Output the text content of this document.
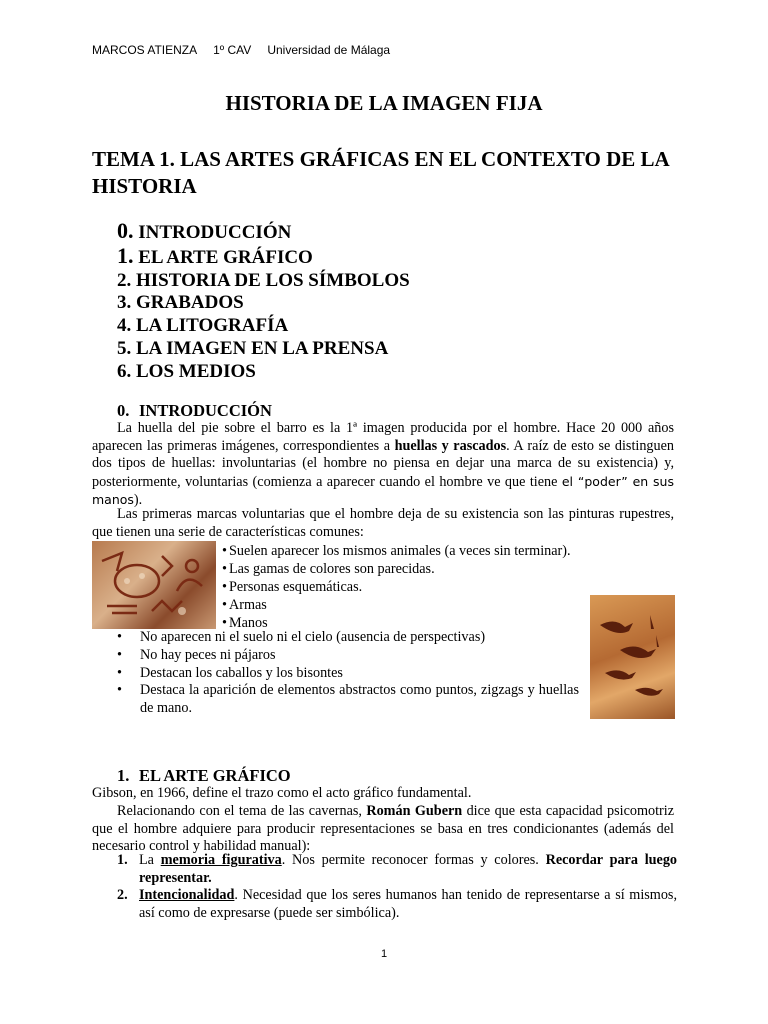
MARCOS ATIENZA 1º CAV Universidad de Málaga
HISTORIA DE LA IMAGEN FIJA
TEMA 1. LAS ARTES GRÁFICAS EN EL CONTEXTO DE LA HISTORIA
0. INTRODUCCIÓN
1. EL ARTE GRÁFICO
2. HISTORIA DE LOS SÍMBOLOS
3. GRABADOS
4. LA LITOGRAFÍA
5. LA IMAGEN EN LA PRENSA
6. LOS MEDIOS
0. INTRODUCCIÓN
La huella del pie sobre el barro es la 1ª imagen producida por el hombre. Hace 20 000 años aparecen las primeras imágenes, correspondientes a huellas y rascados. A raíz de esto se distinguen dos tipos de huellas: involuntarias (el hombre no piensa en dejar una marca de su existencia) y, posteriormente, voluntarias (comienza a aparecer cuando el hombre ve que tiene el “poder” en sus manos).
Las primeras marcas voluntarias que el hombre deja de su existencia son las pinturas rupestres, que tienen una serie de características comunes:
• Suelen aparecer los mismos animales (a veces sin terminar).
• Las gamas de colores son parecidas.
• Personas esquemáticas.
• Armas
• Manos
• No aparecen ni el suelo ni el cielo (ausencia de perspectivas)
• No hay peces ni pájaros
• Destacan los caballos y los bisontes
• Destaca la aparición de elementos abstractos como puntos, zigzags y huellas de mano.
1. EL ARTE GRÁFICO
Gibson, en 1966, define el trazo como el acto gráfico fundamental.
Relacionando con el tema de las cavernas, Román Gubern dice que esta capacidad psicomotriz que el hombre adquiere para producir representaciones se basa en tres condicionantes (además del necesario control y habilidad manual):
1. La memoria figurativa. Nos permite reconocer formas y colores. Recordar para luego representar.
2. Intencionalidad. Necesidad que los seres humanos han tenido de representarse a sí mismos, así como de expresarse (puede ser simbólica).
1
